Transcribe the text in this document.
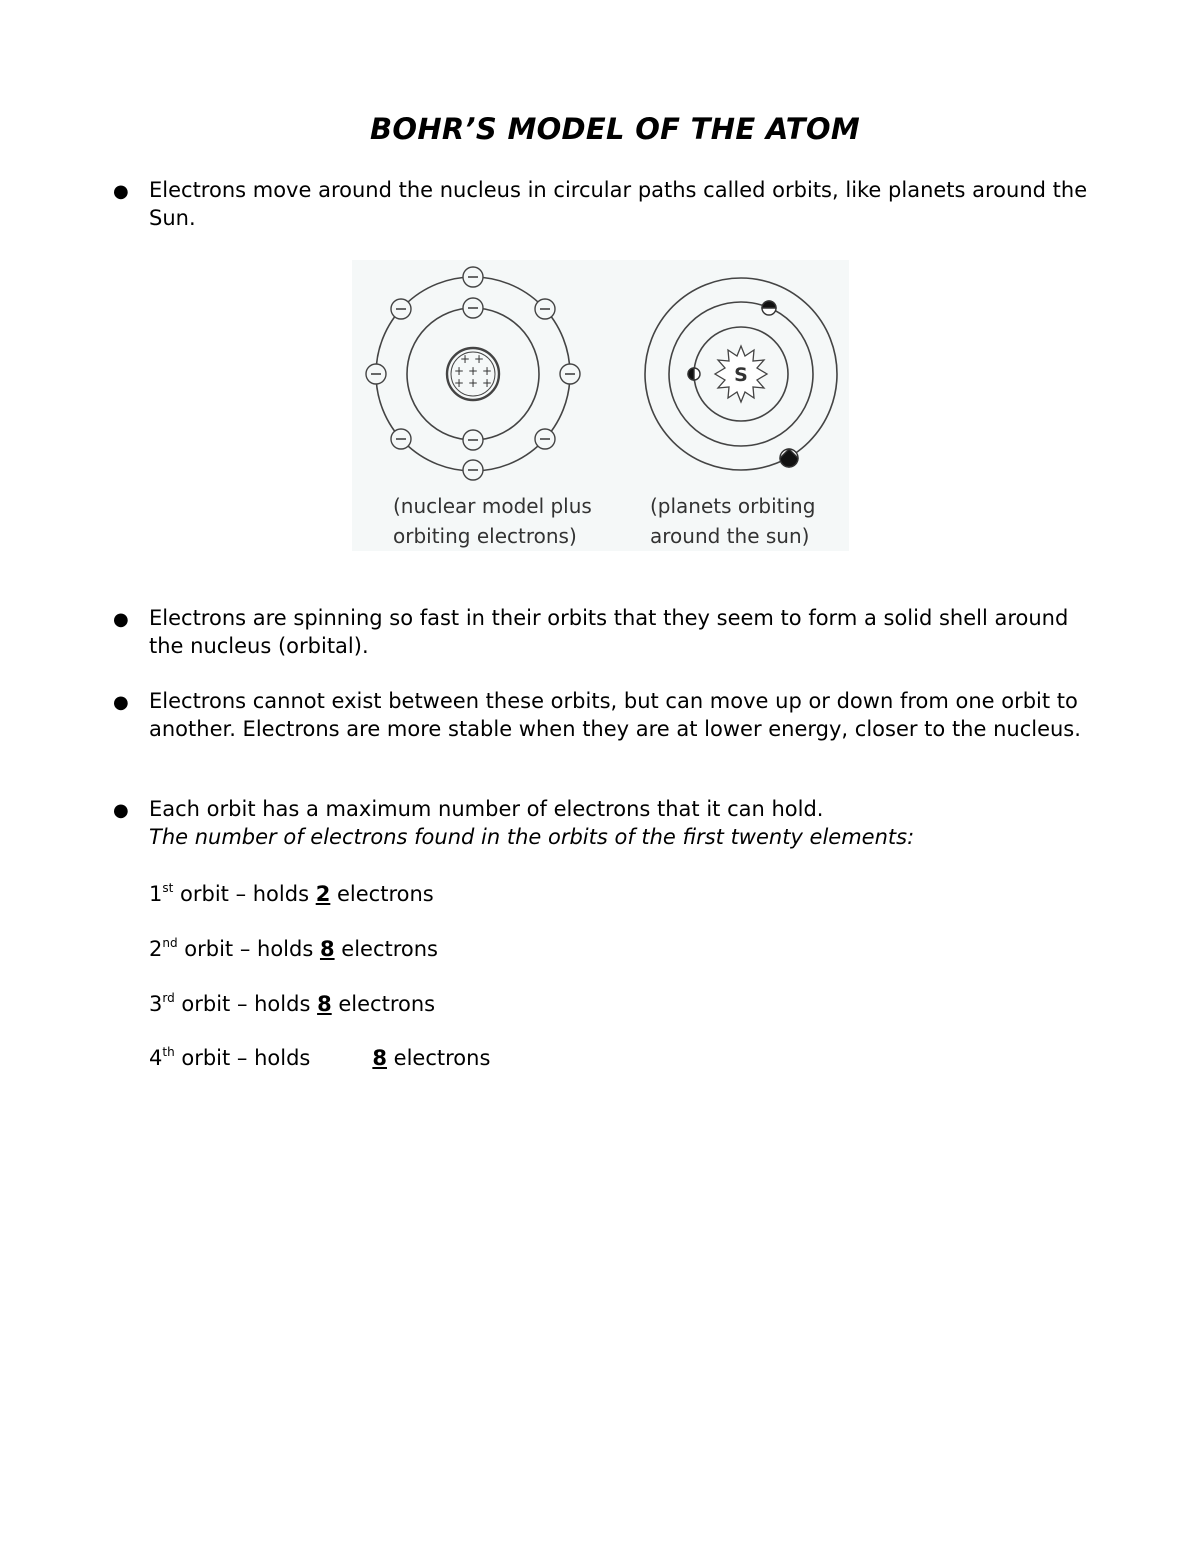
BOHR’S MODEL OF THE ATOM
● Electrons move around the nucleus in circular paths called orbits, like planets around the Sun.

+ +
+ + +
+ + +	S
(nuclear model plus
orbiting electrons)
(planets orbiting
around the sun)
● Electrons are spinning so fast in their orbits that they seem to form a solid shell around the nucleus (orbital).

● Electrons cannot exist between these orbits, but can move up or down from one orbit to another. Electrons are more stable when they are at lower energy, closer to the nucleus.

● Each orbit has a maximum number of electrons that it can hold.

The number of electrons found in the orbits of the first twenty elements:

1st orbit – holds 2 electrons
2nd orbit – holds 8 electrons
3rd orbit – holds 8 electrons
4th orbit – holds	8 electrons
